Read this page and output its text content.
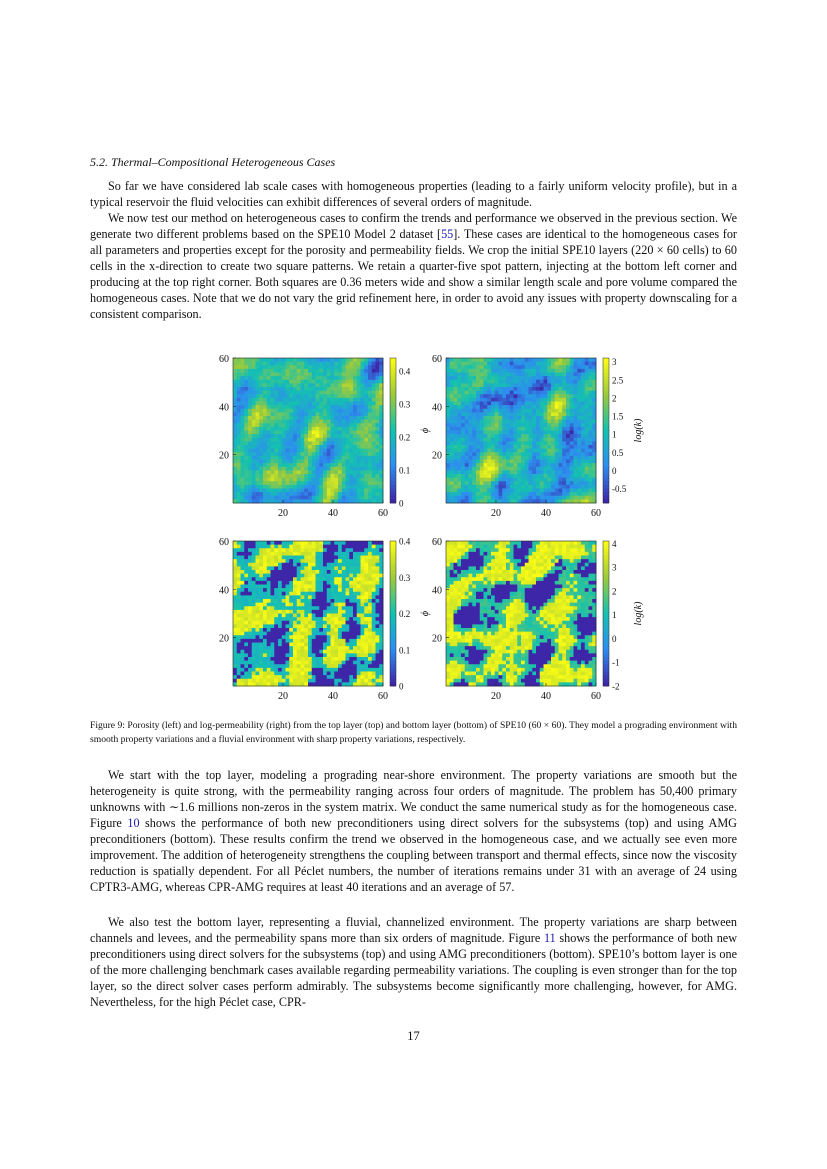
5.2. Thermal–Compositional Heterogeneous Cases

So far we have considered lab scale cases with homogeneous properties (leading to a fairly uniform velocity profile), but in a typical reservoir the fluid velocities can exhibit differences of several orders of magnitude.

We now test our method on heterogeneous cases to confirm the trends and performance we observed in the previous section. We generate two different problems based on the SPE10 Model 2 dataset [55]. These cases are identical to the homogeneous cases for all parameters and properties except for the porosity and permeability fields. We crop the initial SPE10 layers (220 × 60 cells) to 60 cells in the x-direction to create two square patterns. We retain a quarter-five spot pattern, injecting at the bottom left corner and producing at the top right corner. Both squares are 0.36 meters wide and show a similar length scale and pore volume compared the homogeneous cases. Note that we do not vary the grid refinement here, in order to avoid any issues with property downscaling for a consistent comparison.

60
40
20
20	40	60
0.4
0.3
0.2
0.1
0
ϕ
60
40
20
20	40	60
3
2.5
2
1.5
1
0.5
0
-0.5
log(k)
60
40
20
20	40	60
0.4
0.3
0.2
0.1
0
ϕ
60
40
20
20	40	60
4
3
2
1
0
-1
-2
log(k)

Figure 9: Porosity (left) and log-permeability (right) from the top layer (top) and bottom layer (bottom) of SPE10 (60 × 60). They model a prograding environment with smooth property variations and a fluvial environment with sharp property variations, respectively.

We start with the top layer, modeling a prograding near-shore environment. The property variations are smooth but the heterogeneity is quite strong, with the permeability ranging across four orders of magnitude. The problem has 50,400 primary unknowns with ∼1.6 millions non-zeros in the system matrix. We conduct the same numerical study as for the homogeneous case. Figure 10 shows the performance of both new preconditioners using direct solvers for the subsystems (top) and using AMG preconditioners (bottom). These results confirm the trend we observed in the homogeneous case, and we actually see even more improvement. The addition of heterogeneity strengthens the coupling between transport and thermal effects, since now the viscosity reduction is spatially dependent. For all Péclet numbers, the number of iterations remains under 31 with an average of 24 using CPTR3-AMG, whereas CPR-AMG requires at least 40 iterations and an average of 57.

We also test the bottom layer, representing a fluvial, channelized environment. The property variations are sharp between channels and levees, and the permeability spans more than six orders of magnitude. Figure 11 shows the performance of both new preconditioners using direct solvers for the subsystems (top) and using AMG preconditioners (bottom). SPE10’s bottom layer is one of the more challenging benchmark cases available regarding permeability variations. The coupling is even stronger than for the top layer, so the direct solver cases perform admirably. The subsystems become significantly more challenging, however, for AMG. Nevertheless, for the high Péclet case, CPR-

17
